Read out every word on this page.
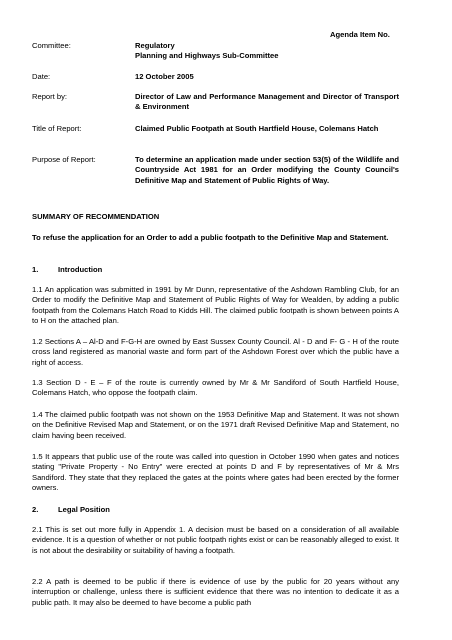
Agenda Item No.
Committee:	Regulatory
Planning and Highways Sub-Committee
Date:	12 October 2005
Report by:	Director of Law and Performance Management and Director of Transport & Environment
Title of Report:	Claimed Public Footpath at South Hartfield House, Colemans Hatch
Purpose of Report:	To determine an application made under section 53(5) of the Wildlife and Countryside Act 1981 for an Order modifying the County Council's Definitive Map and Statement of Public Rights of Way.
SUMMARY OF RECOMMENDATION
To refuse the application for an Order to add a public footpath to the Definitive Map and Statement.
1.	Introduction
1.1 An application was submitted in 1991 by Mr Dunn, representative of the Ashdown Rambling Club, for an Order to modify the Definitive Map and Statement of Public Rights of Way for Wealden, by adding a public footpath from the Colemans Hatch Road to Kidds Hill. The claimed public footpath is shown between points A to H on the attached plan.
1.2 Sections A – Al-D and F-G-H are owned by East Sussex County Council. Al - D and F- G - H of the route cross land registered as manorial waste and form part of the Ashdown Forest over which the public have a right of access.
1.3 Section D - E – F of the route is currently owned by Mr & Mr Sandiford of South Hartfield House, Colemans Hatch, who oppose the footpath claim.
1.4 The claimed public footpath was not shown on the 1953 Definitive Map and Statement. It was not shown on the Definitive Revised Map and Statement, or on the 1971 draft Revised Definitive Map and Statement, no claim having been received.
1.5 It appears that public use of the route was called into question in October 1990 when gates and notices stating "Private Property - No Entry" were erected at points D and F by representatives of Mr & Mrs Sandiford. They state that they replaced the gates at the points where gates had been erected by the former owners.
2.	Legal Position
2.1 This is set out more fully in Appendix 1. A decision must be based on a consideration of all available evidence. It is a question of whether or not public footpath rights exist or can be reasonably alleged to exist. It is not about the desirability or suitability of having a footpath.
2.2 A path is deemed to be public if there is evidence of use by the public for 20 years without any interruption or challenge, unless there is sufficient evidence that there was no intention to dedicate it as a public path. It may also be deemed to have become a public path
